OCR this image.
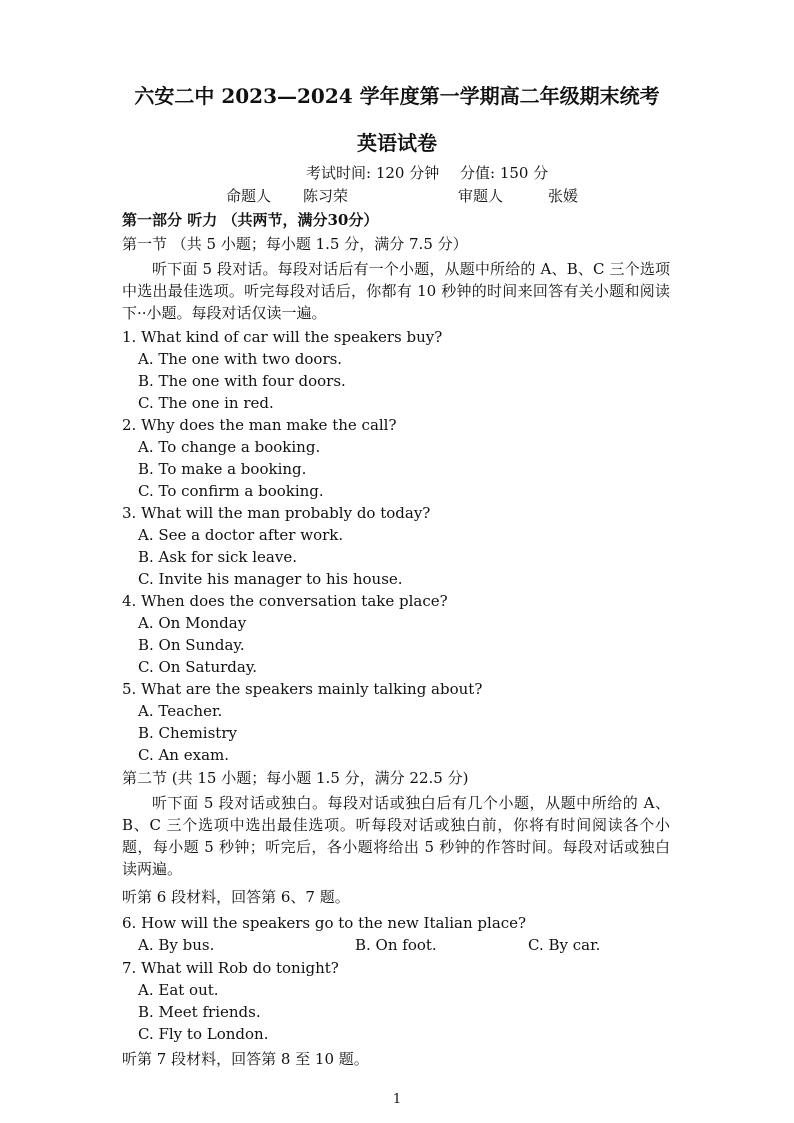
六安二中 2023—2024 学年度第一学期高二年级期末统考
英语试卷
考试时间: 120 分钟 分值: 150 分
命题人 陈习荣	审题人	张媛
第一部分 听力 （共两节，满分30分）
第一节 （共 5 小题；每小题 1.5 分，满分 7.5 分）
听下面 5 段对话。每段对话后有一个小题，从题中所给的 A、B、C 三个选项中选出最佳选项。听完每段对话后，你都有 10 秒钟的时间来回答有关小题和阅读下··小题。每段对话仅读一遍。
1. What kind of car will the speakers buy?
A. The one with two doors.
B. The one with four doors.
C. The one in red.
2. Why does the man make the call?
A. To change a booking.
B. To make a booking.
C. To confirm a booking.
3. What will the man probably do today?
A. See a doctor after work.
B. Ask for sick leave.
C. Invite his manager to his house.
4. When does the conversation take place?
A. On Monday
B. On Sunday.
C. On Saturday.
5. What are the speakers mainly talking about?
A. Teacher.
B. Chemistry
C. An exam.
第二节 (共 15 小题；每小题 1.5 分，满分 22.5 分)
听下面 5 段对话或独白。每段对话或独白后有几个小题，从题中所给的 A、B、C 三个选项中选出最佳选项。听每段对话或独白前，你将有时间阅读各个小题，每小题 5 秒钟；听完后，各小题将给出 5 秒钟的作答时间。每段对话或独白读两遍。
听第 6 段材料，回答第 6、7 题。
6. How will the speakers go to the new Italian place?
A. By bus.	B. On foot.	C. By car.
7. What will Rob do tonight?
A. Eat out.
B. Meet friends.
C. Fly to London.
听第 7 段材料，回答第 8 至 10 题。
1
